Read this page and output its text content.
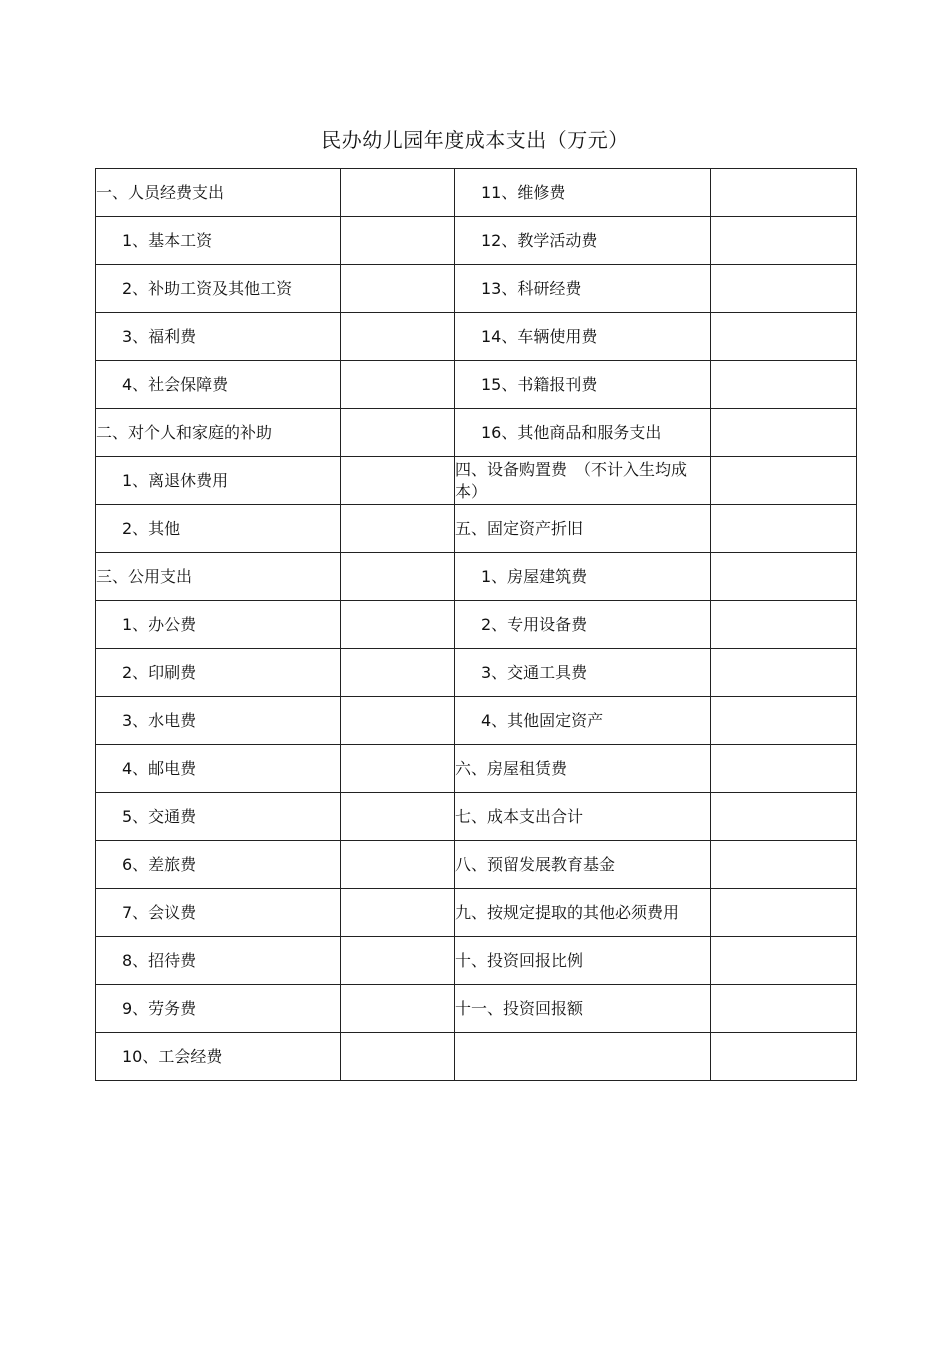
民办幼儿园年度成本支出（万元）
一、人员经费支出		11、维修费	
1、基本工资		12、教学活动费	
2、补助工资及其他工资		13、科研经费	
3、福利费		14、车辆使用费	
4、社会保障费		15、书籍报刊费	
二、对个人和家庭的补助		16、其他商品和服务支出	
1、离退休费用		四、设备购置费　（不计入生均成本）	
2、其他		五、固定资产折旧	
三、公用支出		1、房屋建筑费	
1、办公费		2、专用设备费	
2、印刷费		3、交通工具费	
3、水电费		4、其他固定资产	
4、邮电费		六、房屋租赁费	
5、交通费		七、成本支出合计	
6、差旅费		八、预留发展教育基金	
7、会议费		九、按规定提取的其他必须费用	
8、招待费		十、投资回报比例	
9、劳务费		十一、投资回报额	
10、工会经费			
